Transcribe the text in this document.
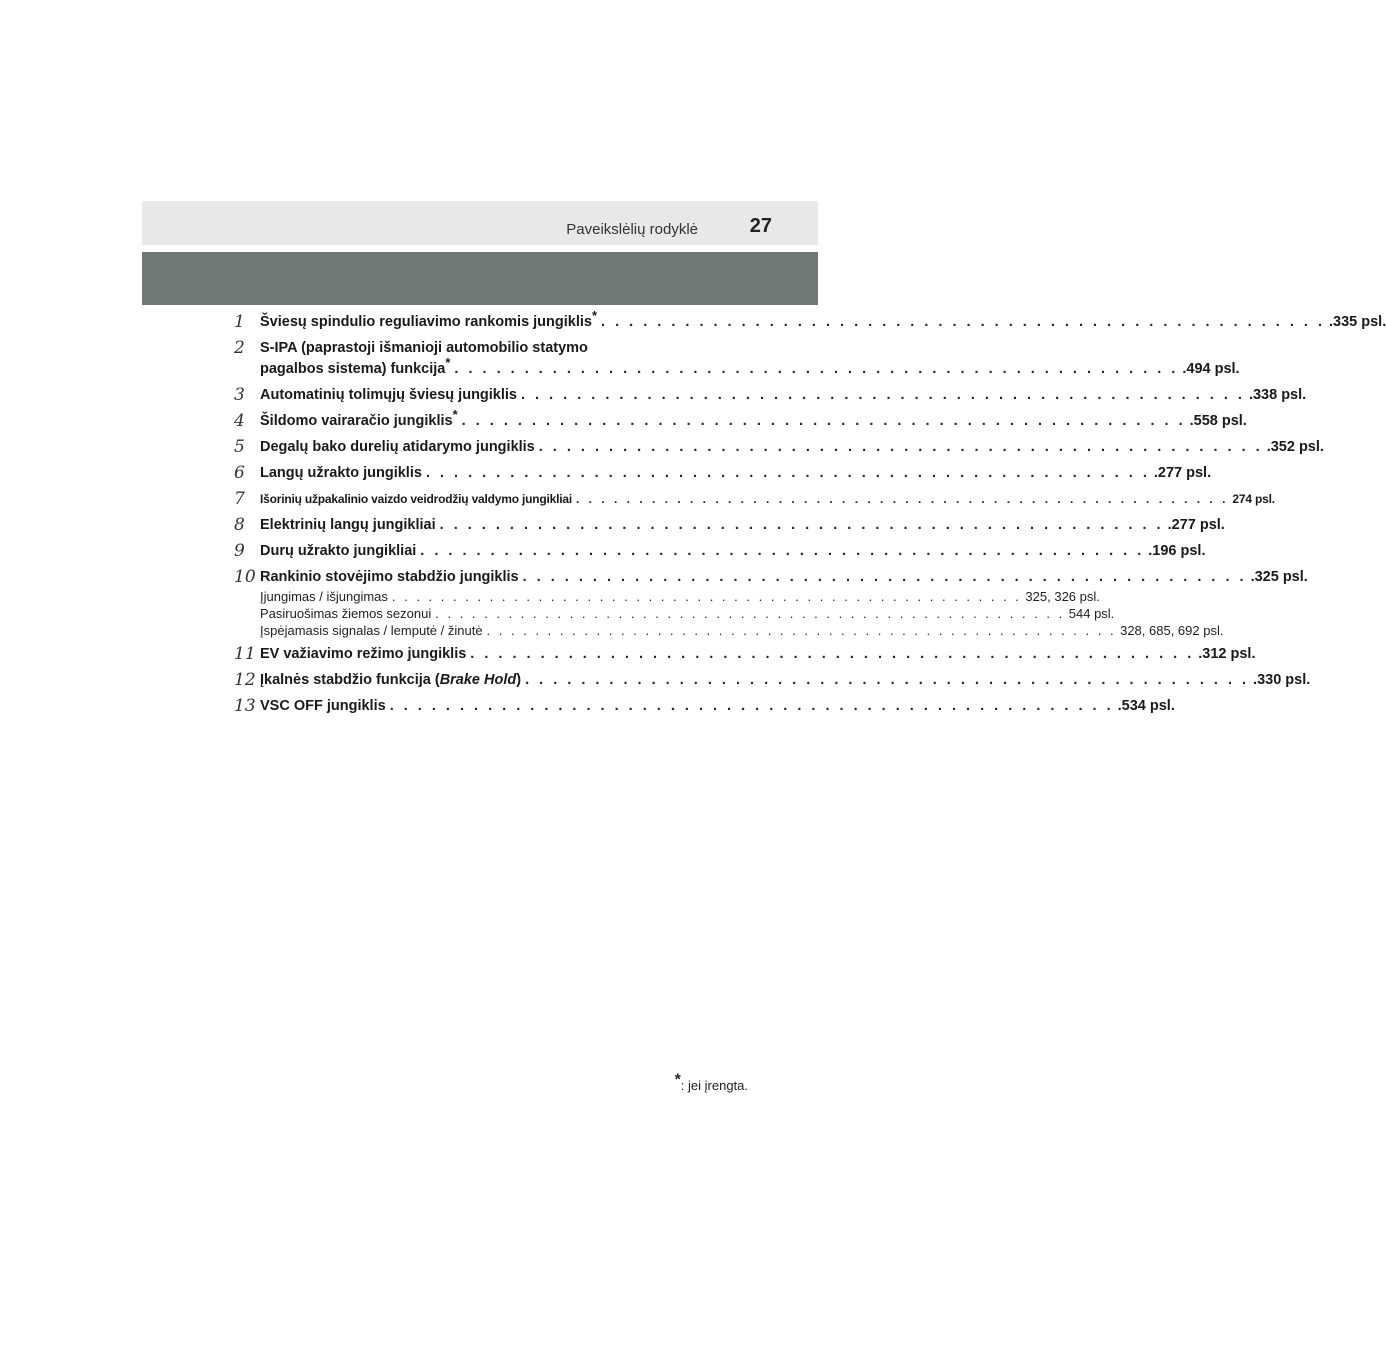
Paveikslėlių rodyklė	27
1	Šviesų spindulio reguliavimo rankomis jungiklis* . . . . . . . . . . . . . . . . . . . . . . . . . . . . . . . . . . . . . . . . . . . . . . . . . . . . .335 psl.
2	S-IPA (paprastoji išmanioji automobilio statymo
pagalbos sistema) funkcija* . . . . . . . . . . . . . . . . . . . . . . . . . . . . . . . . . . . . . . . . . . . . . . . . . . . . .494 psl.
3	Automatinių tolimųjų šviesų jungiklis . . . . . . . . . . . . . . . . . . . . . . . . . . . . . . . . . . . . . . . . . . . . . . . . . . . . .338 psl.
4	Šildomo vairaračio jungiklis* . . . . . . . . . . . . . . . . . . . . . . . . . . . . . . . . . . . . . . . . . . . . . . . . . . . . .558 psl.
5	Degalų bako durelių atidarymo jungiklis . . . . . . . . . . . . . . . . . . . . . . . . . . . . . . . . . . . . . . . . . . . . . . . . . . . . .352 psl.
6	Langų užrakto jungiklis . . . . . . . . . . . . . . . . . . . . . . . . . . . . . . . . . . . . . . . . . . . . . . . . . . . . .277 psl.
7	Išorinių užpakalinio vaizdo veidrodžių valdymo jungikliai . . . . . . . . . . . . . . . . . . . . . . . . . . . . . . . . . . . . . . . . . . . . . . . . . . . . 274 psl.
8	Elektrinių langų jungikliai . . . . . . . . . . . . . . . . . . . . . . . . . . . . . . . . . . . . . . . . . . . . . . . . . . . . .277 psl.
9	Durų užrakto jungikliai . . . . . . . . . . . . . . . . . . . . . . . . . . . . . . . . . . . . . . . . . . . . . . . . . . . . .196 psl.
10 Rankinio stovėjimo stabdžio jungiklis . . . . . . . . . . . . . . . . . . . . . . . . . . . . . . . . . . . . . . . . . . . . . . . . . . . . .325 psl.
Įjungimas / išjungimas . . . . . . . . . . . . . . . . . . . . . . . . . . . . . . . . . . . . . . . . . . . . . . . . . . . . 325, 326 psl.
Pasiruošimas žiemos sezonui . . . . . . . . . . . . . . . . . . . . . . . . . . . . . . . . . . . . . . . . . . . . . . . . . . . . 544 psl.
Įspėjamasis signalas / lemputė / žinutė . . . . . . . . . . . . . . . . . . . . . . . . . . . . . . . . . . . . . . . . . . . . . . . . . . . . 328, 685, 692 psl.
11 EV važiavimo režimo jungiklis . . . . . . . . . . . . . . . . . . . . . . . . . . . . . . . . . . . . . . . . . . . . . . . . . . . . .312 psl.
12 Įkalnės stabdžio funkcija (Brake Hold) . . . . . . . . . . . . . . . . . . . . . . . . . . . . . . . . . . . . . . . . . . . . . . . . . . . . .330 psl.
13 VSC OFF jungiklis . . . . . . . . . . . . . . . . . . . . . . . . . . . . . . . . . . . . . . . . . . . . . . . . . . . . .534 psl.
*: jei įrengta.
